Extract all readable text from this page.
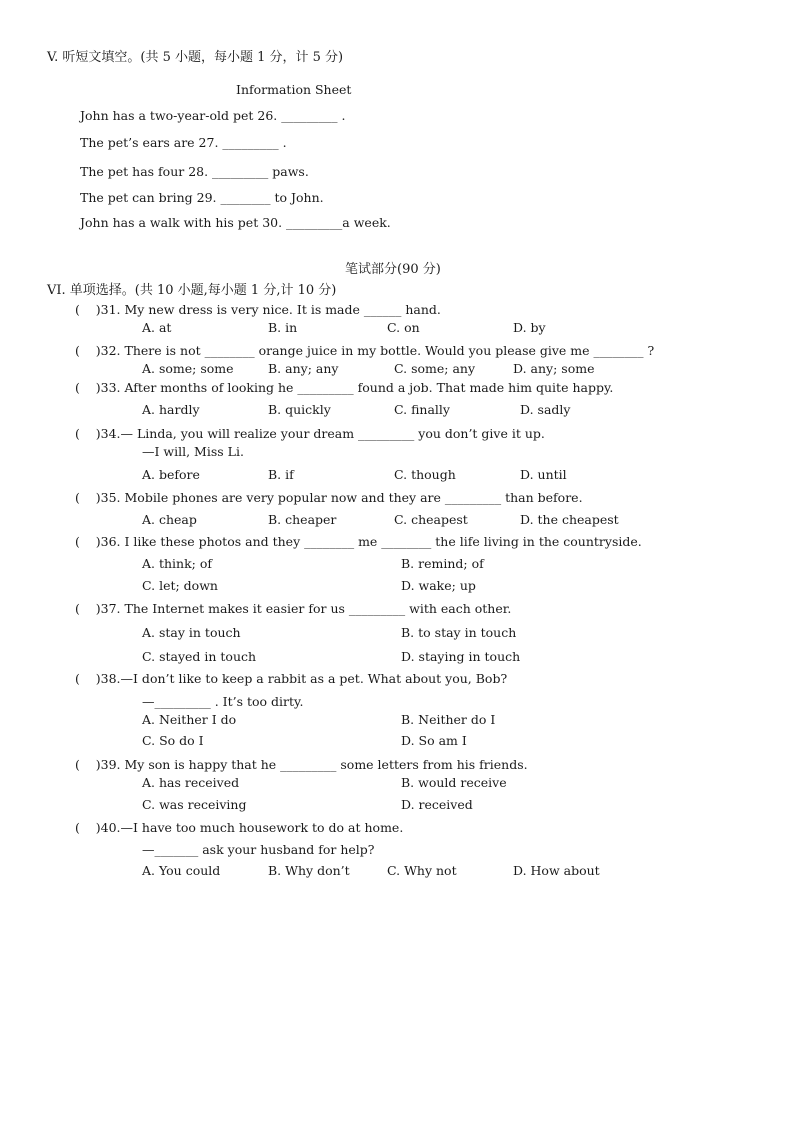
V. 听短文填空。(共 5 小题，每小题 1 分，计 5 分)
Information Sheet
John has a two-year-old pet 26. _________ .
The pet’s ears are 27. _________ .
The pet has four 28. _________ paws.
The pet can bring 29. ________ to John.
John has a walk with his pet 30. _________a week.
笔试部分(90 分)
VI. 单项选择。(共 10 小题,每小题 1 分,计 10 分)
(    )31. My new dress is very nice. It is made ______ hand.
A. at	B. in	C. on	D. by
(    )32. There is not ________ orange juice in my bottle. Would you please give me ________ ?
A. some; some	B. any; any	C. some; any	D. any; some
(    )33. After months of looking he _________ found a job. That made him quite happy.
A. hardly	B. quickly	C. finally	D. sadly
(    )34.— Linda, you will realize your dream _________ you don’t give it up.
—I will, Miss Li.
A. before	B. if	C. though	D. until
(    )35. Mobile phones are very popular now and they are _________ than before.
A. cheap	B. cheaper	C. cheapest	D. the cheapest
(    )36. I like these photos and they ________ me ________ the life living in the countryside.
A. think; of	B. remind; of
C. let; down	D. wake; up
(    )37. The Internet makes it easier for us _________ with each other.
A. stay in touch	B. to stay in touch
C. stayed in touch	D. staying in touch
(    )38.—I don’t like to keep a rabbit as a pet. What about you, Bob?
—_________ . It’s too dirty.
A. Neither I do	B. Neither do I
C. So do I	D. So am I
(    )39. My son is happy that he _________ some letters from his friends.
A. has received	B. would receive
C. was receiving	D. received
(    )40.—I have too much housework to do at home.
—_______ ask your husband for help?
A. You could	B. Why don’t	C. Why not	D. How about
